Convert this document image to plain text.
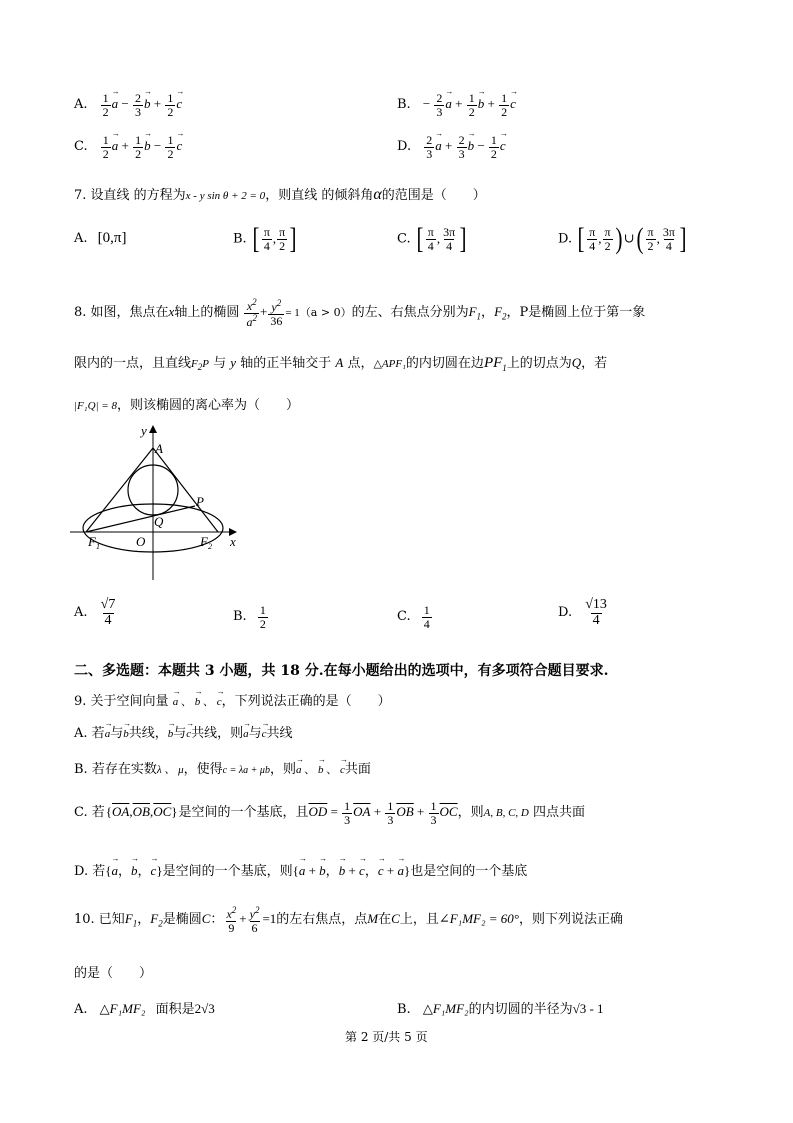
A. $\frac{1}{2} \to a - \frac{2}{3} \to b + \frac{1}{2} \to c$	B. − $\frac{2}{3} \to a + \frac{1}{2} \to b + \frac{1}{2} \to c$
C. $\frac{1}{2} \to a + \frac{1}{2} \to b - \frac{1}{2} \to c$	D. $\frac{2}{3} \to a + \frac{2}{3} \to b - \frac{1}{2} \to c$
7. 设直线 的方程为x - y sin θ + 2 = 0，则直线 的倾斜角α的范围是（　　）
A. [0,π]	B. [ $\frac{\pi}{4}$ , $\frac{\pi}{2}$ ]	C. [ $\frac{\pi}{4}$ , $\frac{3\pi}{4}$ ]	D. [ $\frac{\pi}{4}$ , $\frac{\pi}{2}$ ) ∪ ( $\frac{\pi}{2}$ , $\frac{3\pi}{4}$ ]
8. 如图，焦点在x轴上的椭圆 $\frac{x^2}{a^2} + \frac{y^2}{36} = 1(a > 0)$的左、右焦点分别为$F_1$，$F_2$，P是椭圆上位于第一象
限内的一点，且直线$F_2P$ 与 y 轴的正半轴交于 A 点，△APF₁的内切圆在边$PF_1$上的切点为Q，若
|F₁Q| = 8，则该椭圆的离心率为（　　）
y
A
P
Q
O
$F_1$	$F_2$ x
A. $\frac{√7}{4}$	B. $\frac{1}{2}$	C. $\frac{1}{4}$	D. $\frac{√13}{4}$
二、多选题：本题共 3 小题，共 18 分.在每小题给出的选项中，有多项符合题目要求.
9. 关于空间向量 → a 、 → b 、 → c，下列说法正确的是（　　）
A. 若→ a与→ b共线，→ b与→ c共线，则→ a与→ c共线
B. 若存在实数λ 、 μ，使得c = λa + μb，则→ a 、 → b 、 → c共面
C. 若$\{\overline{OA},\overline{OB},\overline{OC}\}$是空间的一个基底，且$\overline{OD} = \frac{1}{3} \overline{OA} + \frac{1}{3} \overline{OB} + \frac{1}{3} \overline{OC}$，则A, B, C, D 四点共面
D. 若{→ a，→ b，→ c}是空间的一个基底，则{→ a + → b，→ b + → c，→ c + → a}也是空间的一个基底
10. 已知$F_1$，$F_2$是椭圆C： $\frac{x^2}{9} + \frac{y^2}{6} =1$的左右焦点，点M在C上，且∠F₁MF₂ = 60°，则下列说法正确
的是（　　）
A. △F₁MF₂ 面积是2√3	B. △F₁MF₂的内切圆的半径为√3 - 1
第 2 页/共 5 页
